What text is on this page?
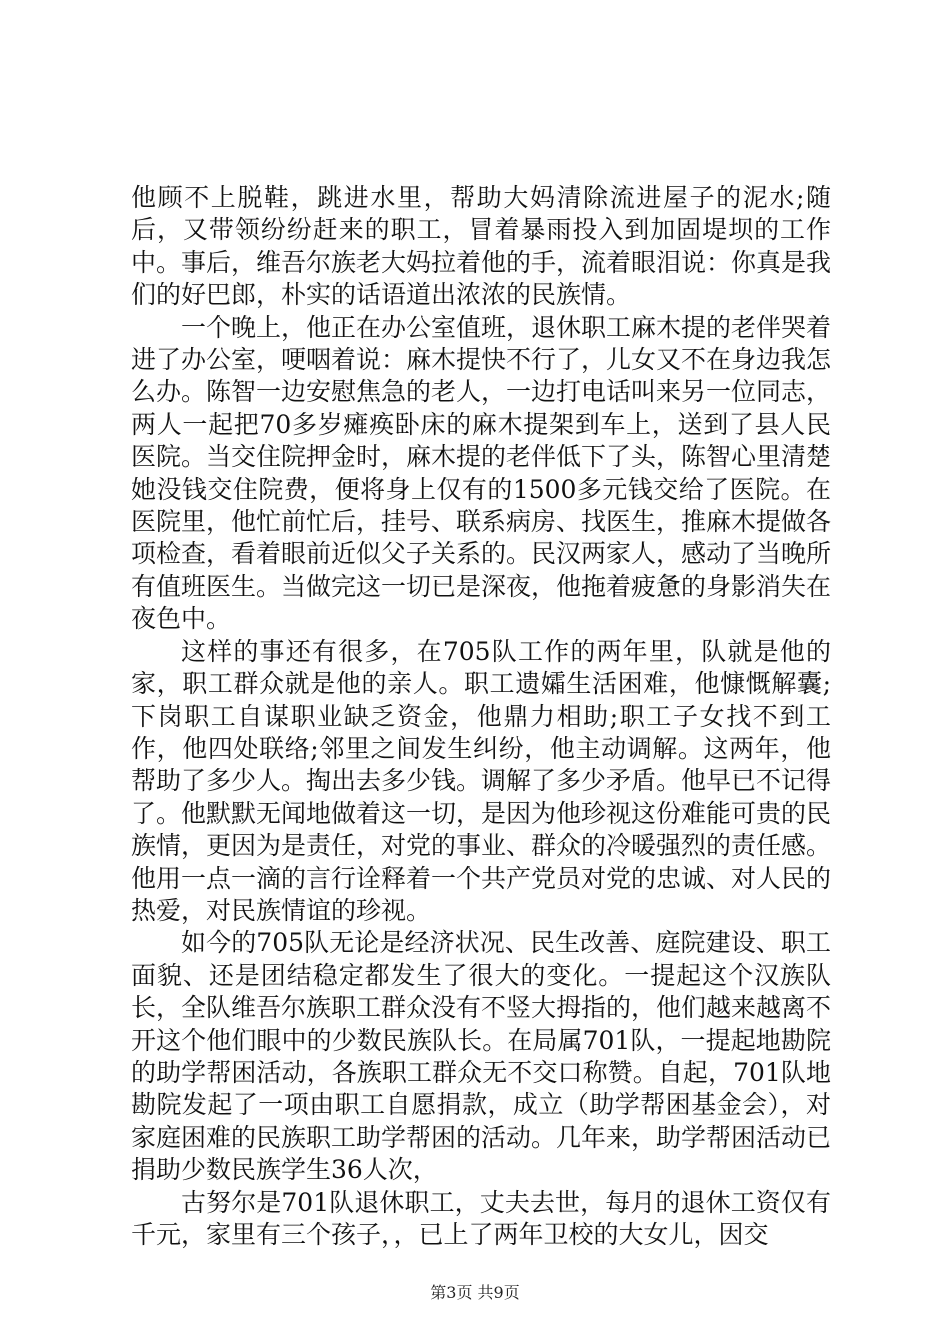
他顾不上脱鞋，跳进水里，帮助大妈清除流进屋子的泥水;随后，又带领纷纷赶来的职工，冒着暴雨投入到加固堤坝的工作中。事后，维吾尔族老大妈拉着他的手，流着眼泪说：你真是我们的好巴郎，朴实的话语道出浓浓的民族情。

一个晚上，他正在办公室值班，退休职工麻木提的老伴哭着进了办公室，哽咽着说：麻木提快不行了，儿女又不在身边我怎么办。陈智一边安慰焦急的老人，一边打电话叫来另一位同志，两人一起把70多岁瘫痪卧床的麻木提架到车上，送到了县人民医院。当交住院押金时，麻木提的老伴低下了头，陈智心里清楚她没钱交住院费，便将身上仅有的1500多元钱交给了医院。在医院里，他忙前忙后，挂号、联系病房、找医生，推麻木提做各项检查，看着眼前近似父子关系的。民汉两家人，感动了当晚所有值班医生。当做完这一切已是深夜，他拖着疲惫的身影消失在夜色中。

这样的事还有很多，在705队工作的两年里，队就是他的家，职工群众就是他的亲人。职工遗孀生活困难，他慷慨解囊;下岗职工自谋职业缺乏资金，他鼎力相助;职工子女找不到工作，他四处联络;邻里之间发生纠纷，他主动调解。这两年，他帮助了多少人。掏出去多少钱。调解了多少矛盾。他早已不记得了。他默默无闻地做着这一切，是因为他珍视这份难能可贵的民族情，更因为是责任，对党的事业、群众的冷暖强烈的责任感。他用一点一滴的言行诠释着一个共产党员对党的忠诚、对人民的热爱，对民族情谊的珍视。

如今的705队无论是经济状况、民生改善、庭院建设、职工面貌、还是团结稳定都发生了很大的变化。一提起这个汉族队长，全队维吾尔族职工群众没有不竖大拇指的，他们越来越离不开这个他们眼中的少数民族队长。在局属701队，一提起地勘院的助学帮困活动，各族职工群众无不交口称赞。自起，701队地勘院发起了一项由职工自愿捐款，成立（助学帮困基金会），对家庭困难的民族职工助学帮困的活动。几年来，助学帮困活动已捐助少数民族学生36人次，

古努尔是701队退休职工，丈夫去世，每月的退休工资仅有千元，家里有三个孩子，，已上了两年卫校的大女儿，因交

第3页 共9页
